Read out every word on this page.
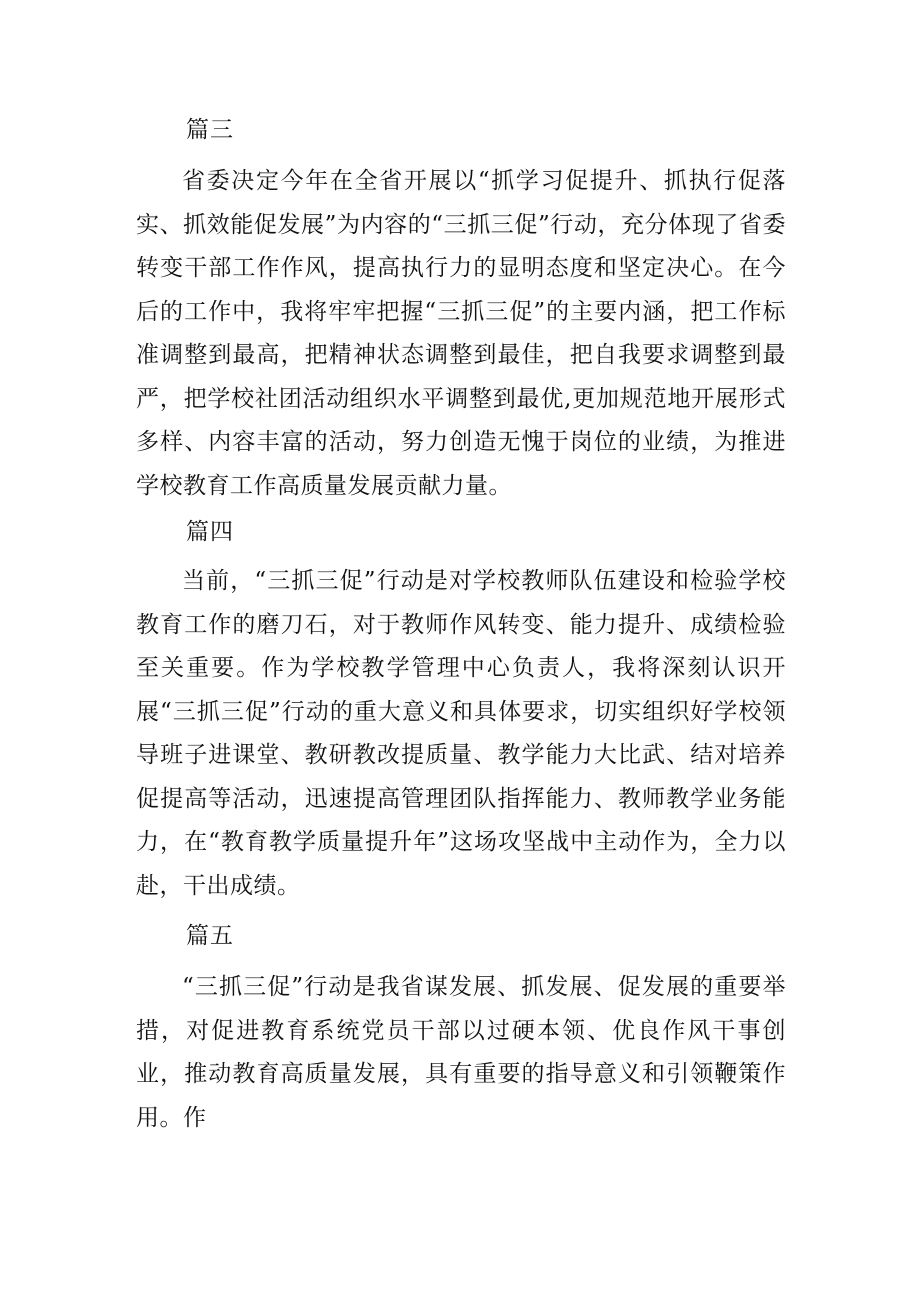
篇三

省委决定今年在全省开展以“抓学习促提升、抓执行促落实、抓效能促发展”为内容的“三抓三促”行动，充分体现了省委转变干部工作作风，提高执行力的显明态度和坚定决心。在今后的工作中，我将牢牢把握“三抓三促”的主要内涵，把工作标准调整到最高，把精神状态调整到最佳，把自我要求调整到最严，把学校社团活动组织水平调整到最优,更加规范地开展形式多样、内容丰富的活动，努力创造无愧于岗位的业绩，为推进学校教育工作高质量发展贡献力量。

篇四

当前，“三抓三促”行动是对学校教师队伍建设和检验学校教育工作的磨刀石，对于教师作风转变、能力提升、成绩检验至关重要。作为学校教学管理中心负责人，我将深刻认识开展“三抓三促”行动的重大意义和具体要求，切实组织好学校领导班子进课堂、教研教改提质量、教学能力大比武、结对培养促提高等活动，迅速提高管理团队指挥能力、教师教学业务能力，在“教育教学质量提升年”这场攻坚战中主动作为，全力以赴，干出成绩。

篇五

“三抓三促”行动是我省谋发展、抓发展、促发展的重要举措，对促进教育系统党员干部以过硬本领、优良作风干事创业，推动教育高质量发展，具有重要的指导意义和引领鞭策作用。作
